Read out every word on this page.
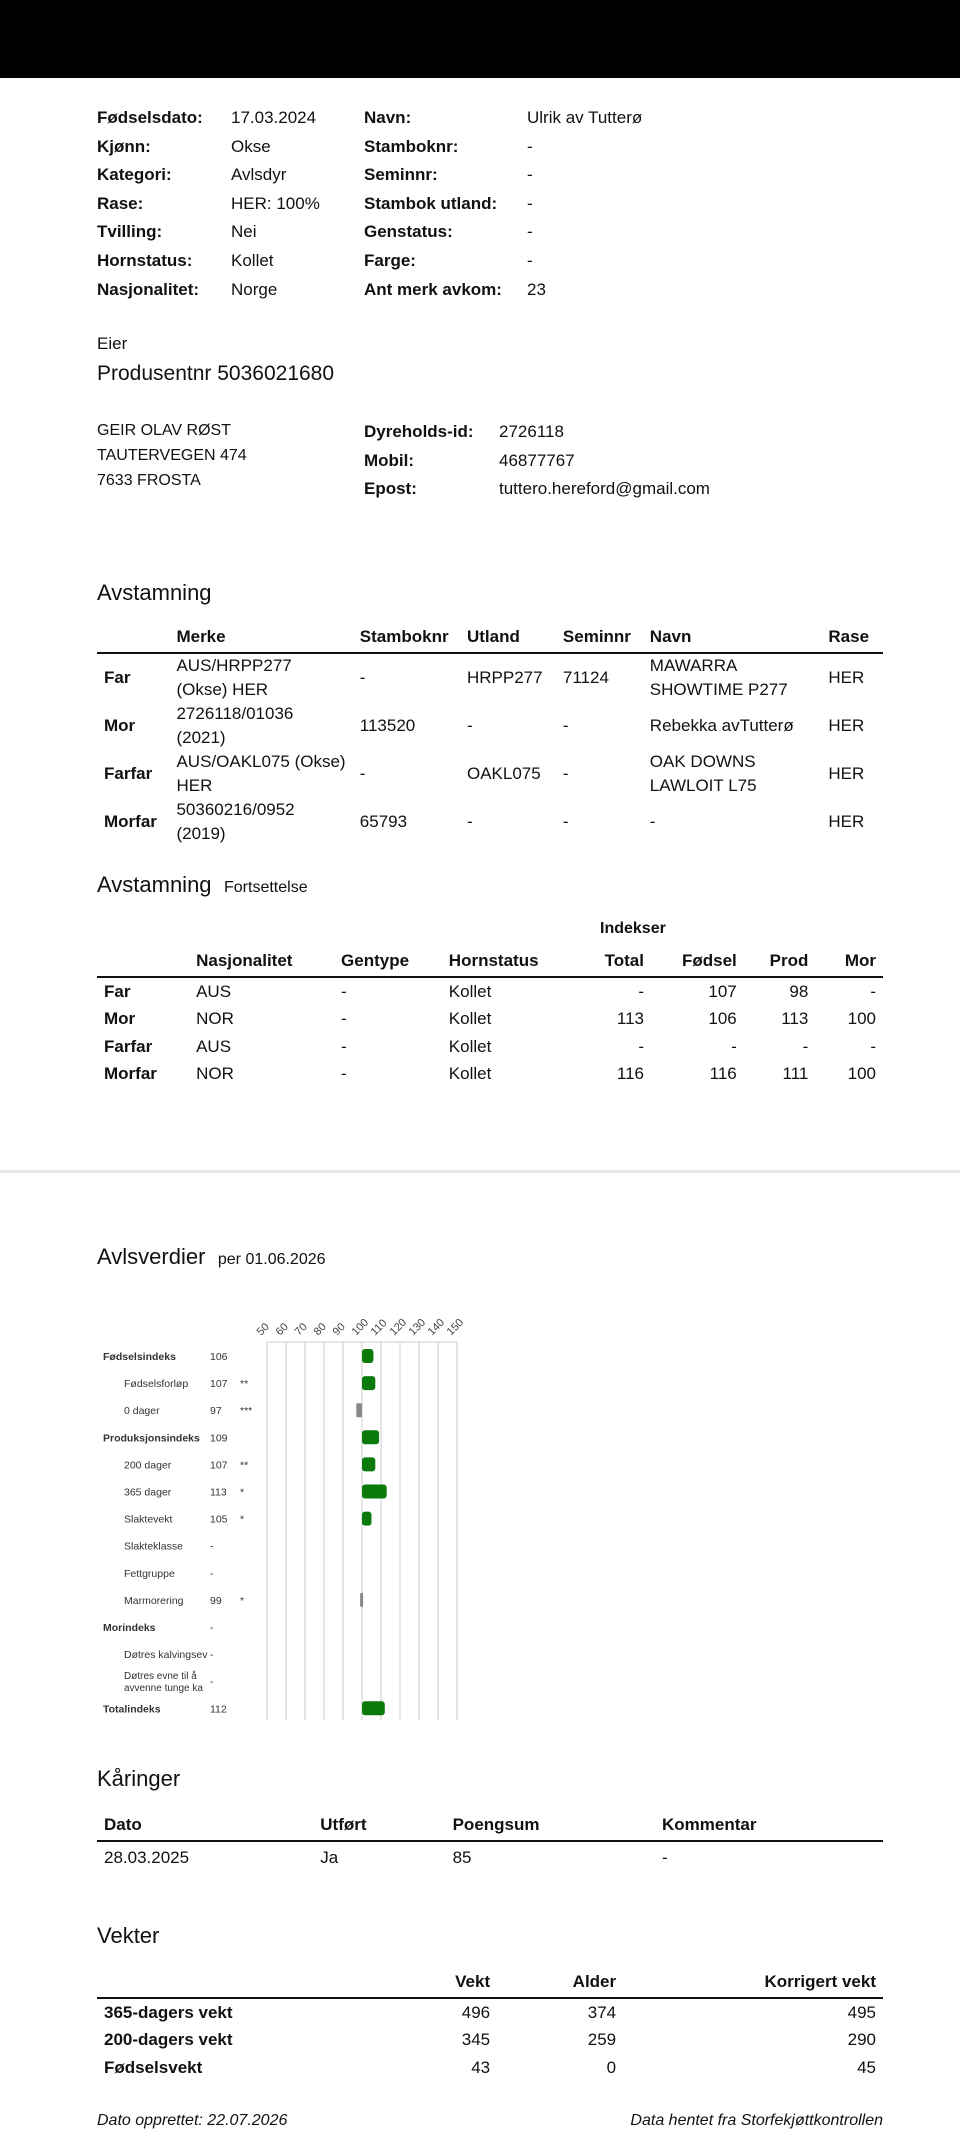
Fødselsdato:	17.03.2024
Kjønn:	Okse
Kategori:	Avlsdyr
Rase:	HER: 100%
Tvilling:	Nei
Hornstatus:	Kollet
Nasjonalitet:	Norge
Navn:	Ulrik av Tutterø
Stamboknr:	-
Seminnr:	-
Stambok utland:	-
Genstatus:	-
Farge:	-
Ant merk avkom:	23
Eier
Produsentnr 5036021680
GEIR OLAV RØST
TAUTERVEGEN 474
7633 FROSTA
Dyreholds-id:	2726118
Mobil:	46877767
Epost:	tuttero.hereford@gmail.com
Avstamning
	Merke	Stamboknr	Utland	Seminnr	Navn	Rase
Far	AUS/HRPP277 (Okse) HER	-	HRPP277	71124	MAWARRA SHOWTIME P277	HER
Mor	2726118/01036 (2021)	113520	-	-	Rebekka avTutterø	HER
Farfar	AUS/OAKL075 (Okse) HER	-	OAKL075	-	OAK DOWNS LAWLOIT L75	HER
Morfar	50360216/0952 (2019)	65793	-	-	-	HER
Avstamning Fortsettelse
Indekser
	Nasjonalitet	Gentype	Hornstatus	Total	Fødsel	Prod	Mor
Far	AUS	-	Kollet	-	107	98	-
Mor	NOR	-	Kollet	113	106	113	100
Farfar	AUS	-	Kollet	-	-	-	-
Morfar	NOR	-	Kollet	116	116	111	100
Avlsverdier per 01.06.2026
50 60 70 80 90 100
110
120
130
140
150
Fødselsindeks	106
Fødselsforløp 107 **
0 dager	97 ***
Produksjonsindeks 109
200 dager	107 **
365 dager	113 *
Slaktevekt	105 *
Slakteklasse	-
Fettgruppe	-
Marmorering	99 *
Morindeks	-
Døtres kalvingsev -
Døtres evne til å
avvenne tunge ka
-
Totalindeks	112
Kåringer
Dato	Utført	Poengsum	Kommentar
28.03.2025	Ja	85	-
Vekter
	Vekt	Alder	Korrigert vekt
365-dagers vekt	496	374	495
200-dagers vekt	345	259	290
Fødselsvekt	43	0	45
Dato opprettet: 22.07.2026	Data hentet fra Storfekjøttkontrollen
